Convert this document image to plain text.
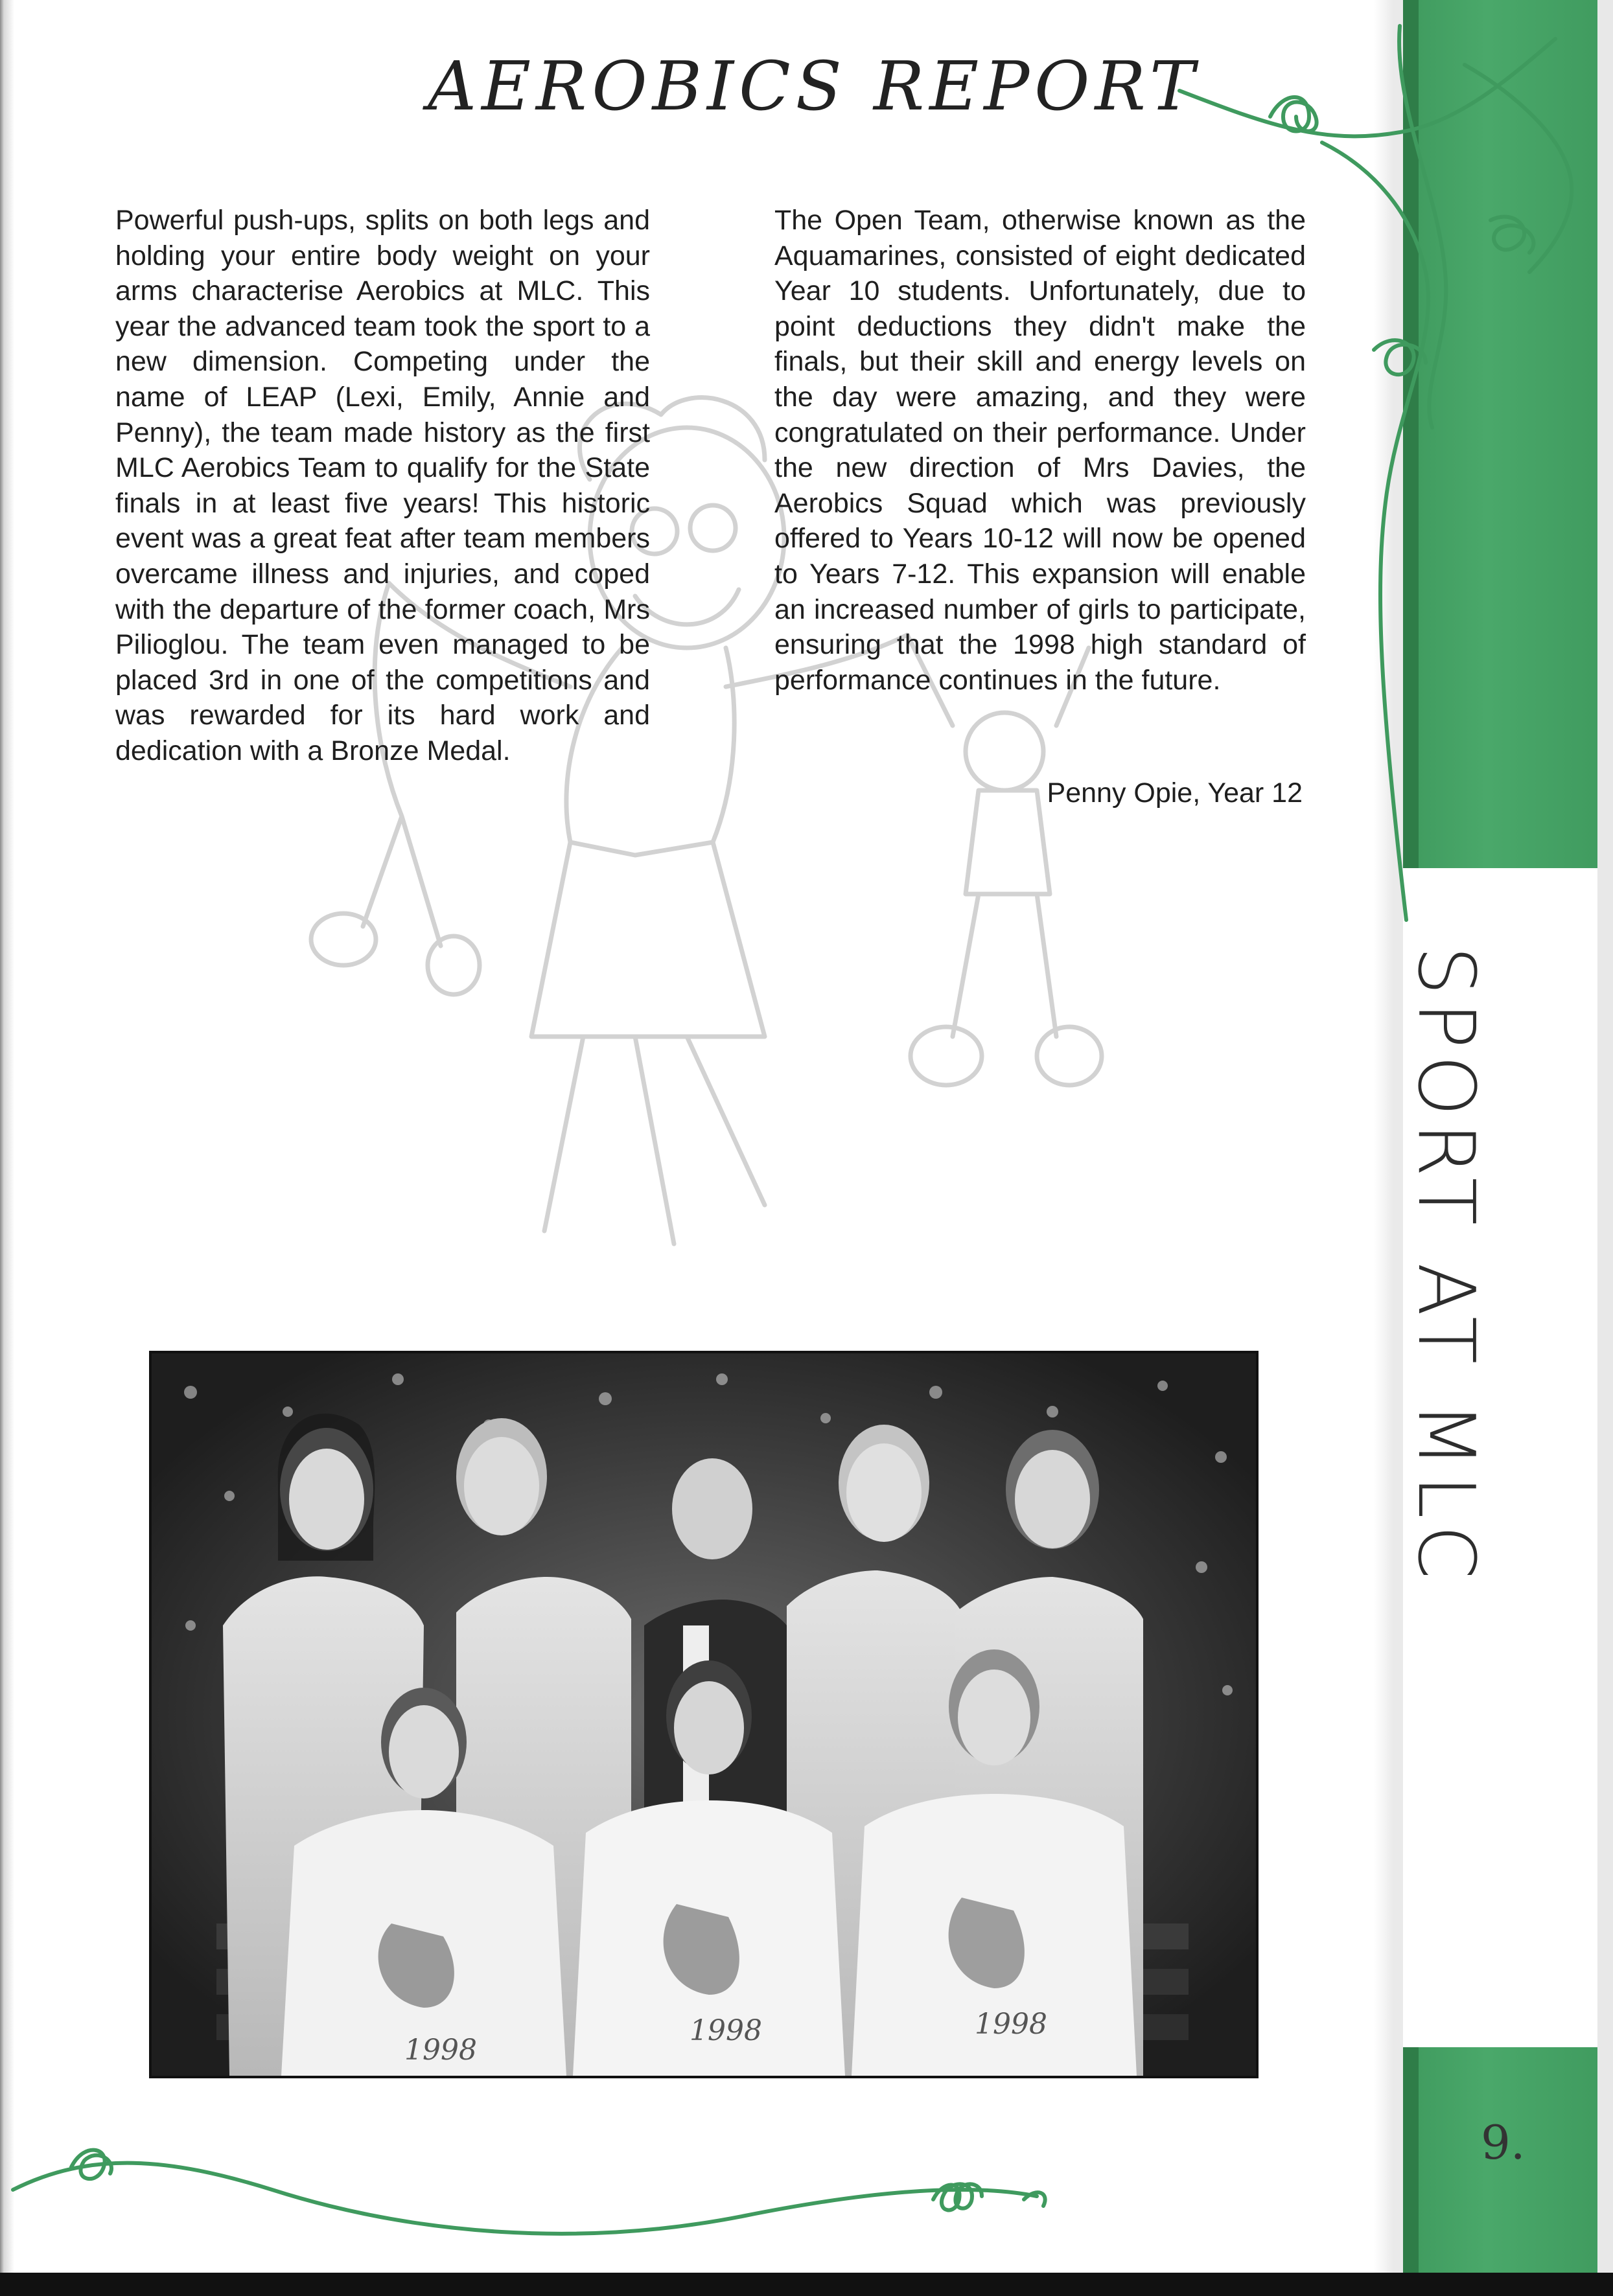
AEROBICS REPORT
Powerful push-ups, splits on both legs and holding your entire body weight on your arms characterise Aerobics at MLC. This year the advanced team took the sport to a new dimension. Competing under the name of LEAP (Lexi, Emily, Annie and Penny), the team made history as the first MLC Aerobics Team to qualify for the State finals in at least five years! This historic event was a great feat after team members overcame illness and injuries, and coped with the departure of the former coach, Mrs Pilioglou. The team even managed to be placed 3rd in one of the competitions and was rewarded for its hard work and dedication with a Bronze Medal.
The Open Team, otherwise known as the Aquamarines, consisted of eight dedicated Year 10 students. Unfortunately, due to point deductions they didn't make the finals, but their skill and energy levels on the day were amazing, and they were congratulated on their performance. Under the new direction of Mrs Davies, the Aerobics Squad which was previously offered to Years 10-12 will now be opened to Years 7-12. This expansion will enable an increased number of girls to participate, ensuring that the 1998 high standard of performance continues in the future.
Penny Opie, Year 12
1998
1998	1998
SPORT AT MLC
9.
